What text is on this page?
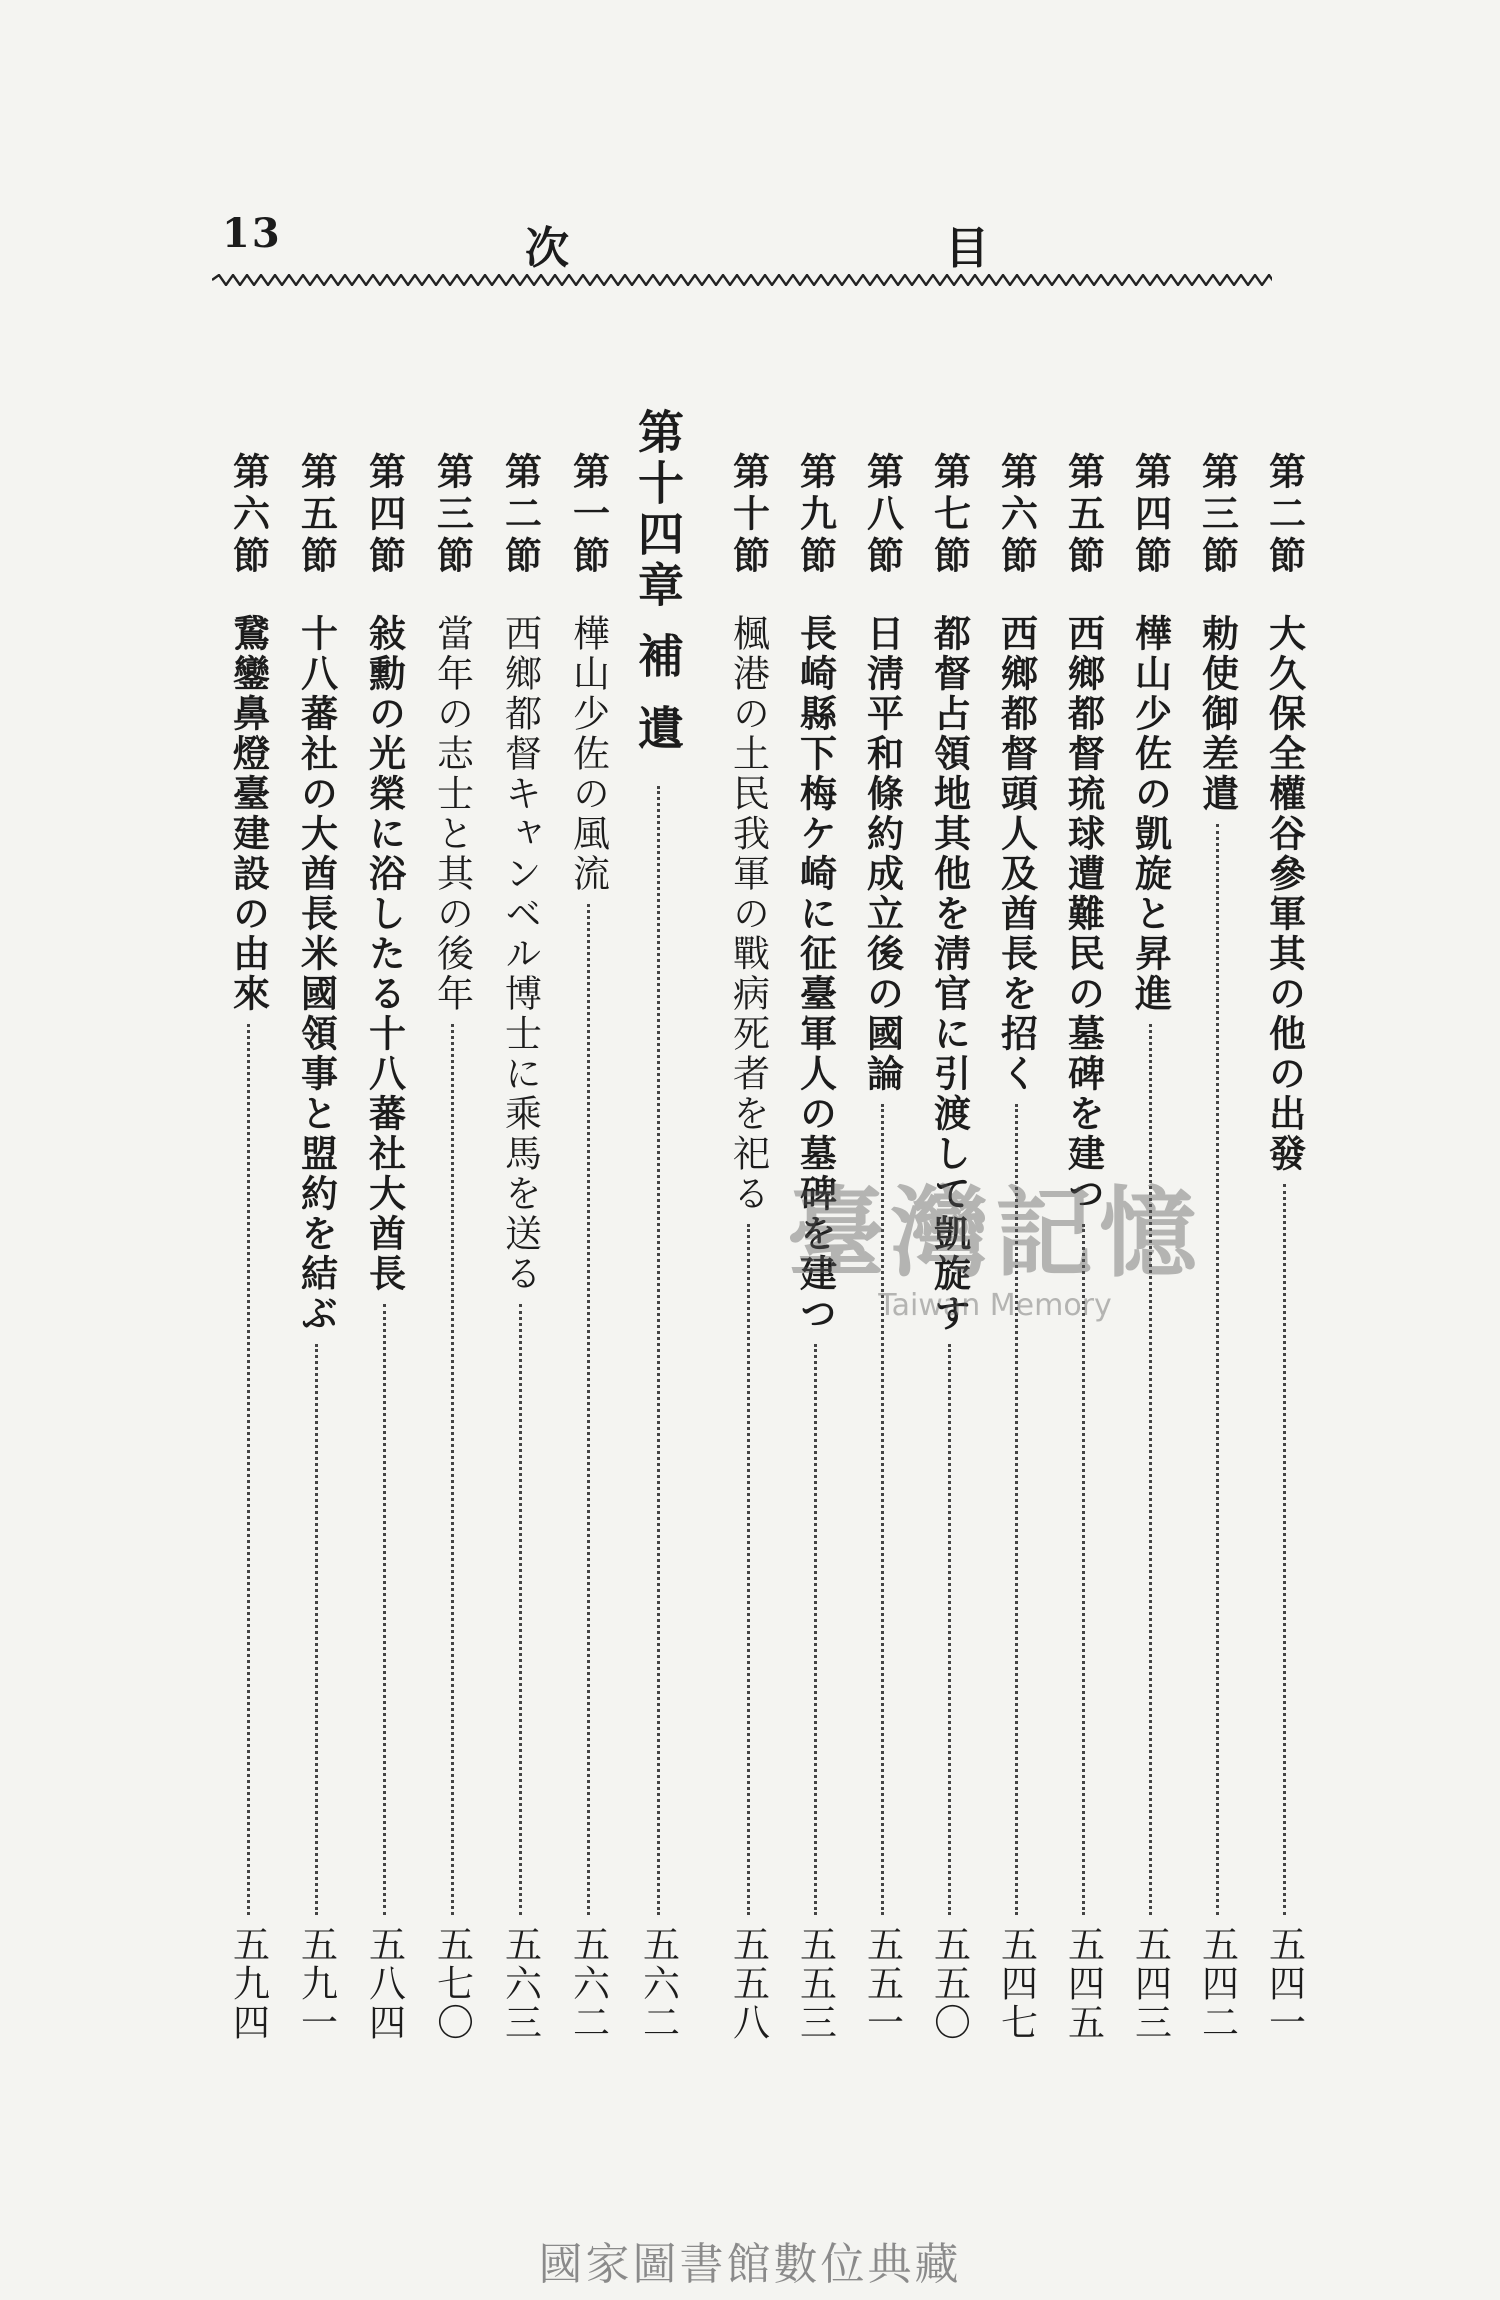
13	次	目
第二節
大久保全權谷參軍其の他の出發
五四一
第三節
勅使御差遣
五四二
第四節
樺山少佐の凱旋と昇進
五四三
第五節
西鄉都督琉球遭難民の墓碑を建つ
五四五
第六節
西鄉都督頭人及酋長を招く
五四七
第七節
都督占領地其他を淸官に引渡して凱旋す
五五〇
第八節
日淸平和條約成立後の國論
五五一
第九節
長崎縣下梅ケ崎に征臺軍人の墓碑を建つ
五五三
第十節
楓港の土民我軍の戰病死者を祀る
五五八
第十四章
補遺
五六二
第一節
樺山少佐の風流
五六二
第二節
西鄉都督キャンベル博士に乘馬を送る
五六三
第三節
當年の志士と其の後年
五七〇
第四節
敍勳の光榮に浴したる十八蕃社大酋長
五八四
第五節
十八蕃社の大酋長米國領事と盟約を結ぶ
五九一
第六節
鵞鑾鼻燈臺建設の由來
五九四
臺灣記憶
Taiwan Memory
國家圖書館數位典藏
